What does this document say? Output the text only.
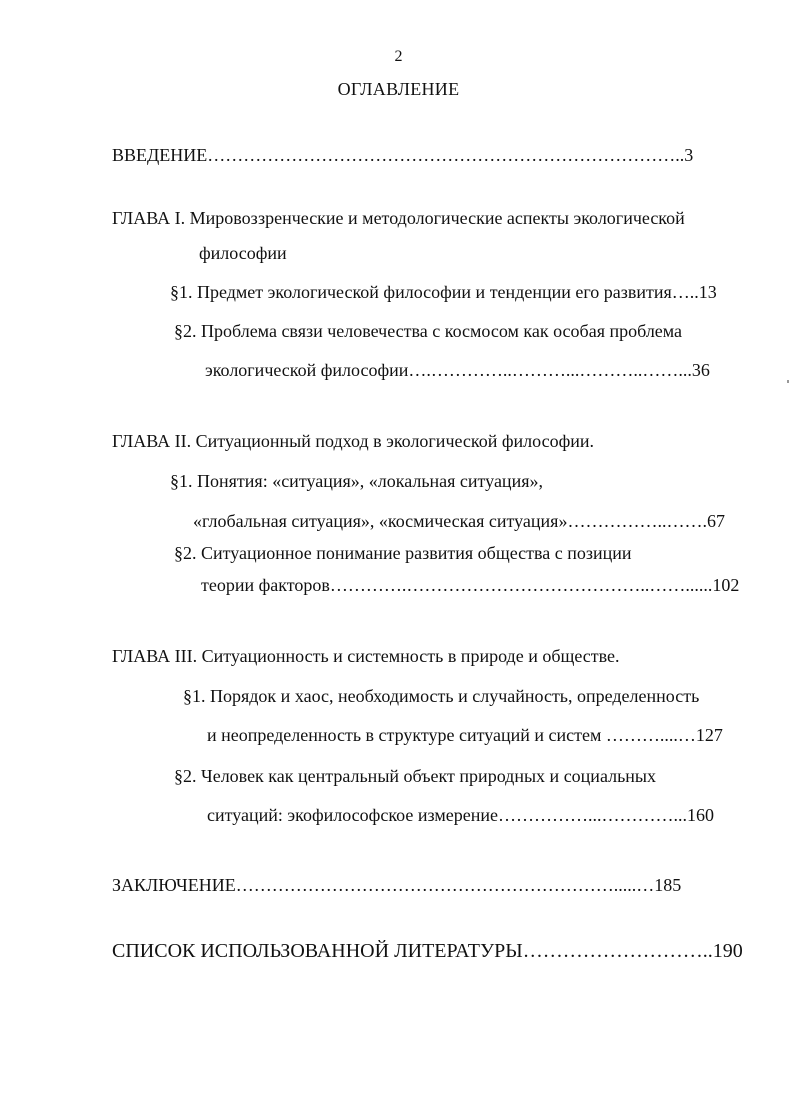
2
ОГЛАВЛЕНИЕ
ВВЕДЕНИЕ……………………………………………………………………..3
ГЛАВА I. Мировоззренческие и методологические аспекты экологической
философии
§1. Предмет экологической философии и тенденции его развития…..13
§2. Проблема связи человечества с космосом как особая проблема
экологической философии….…………..………...………..……...36
ГЛАВА II. Ситуационный подход в экологической философии.
§1. Понятия: «ситуация», «локальная ситуация»,
«глобальная ситуация», «космическая ситуация»……………..…….67
§2. Ситуационное понимание развития общества с позиции
теории факторов………….…………………………………..……......102
ГЛАВА III. Ситуационность и системность в природе и обществе.
§1. Порядок и хаос, необходимость и случайность, определенность
и неопределенность в структуре ситуаций и систем ………....…127
§2. Человек как центральный объект природных и социальных
ситуаций: экофилософское измерение……………...…………...160
ЗАКЛЮЧЕНИЕ……………………………………………………….....…185
СПИСОК ИСПОЛЬЗОВАННОЙ ЛИТЕРАТУРЫ………………………..190
